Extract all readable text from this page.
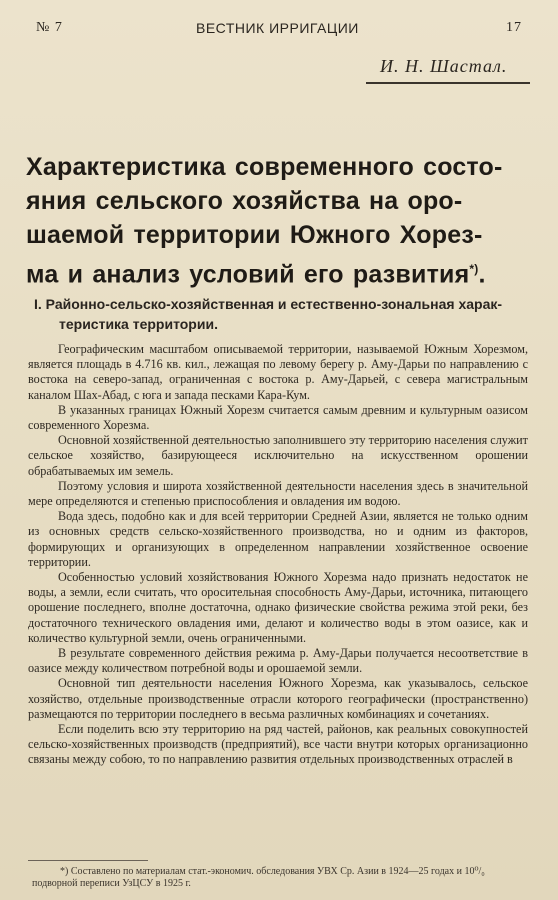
№ 7	ВЕСТНИК ИРРИГАЦИИ	17
И. Н. Шастал.
Характеристика современного состо-
яния сельского хозяйства на оро-
шаемой территории Южного Хорез-
ма и анализ условий его развития*).
I. Районно-сельско-хозяйственная и естественно-зональная харак-
теристика территории.

Географическим масштабом описываемой территории, называемой Южным Хорезмом, является площадь в 4.716 кв. кил., лежащая по левому берегу р. Аму-Дарьи по направлению с востока на северо-запад, ограниченная с востока р. Аму-Дарьей, с севера магистральным каналом Шах-Абад, с юга и запада песками Кара-Кум.

В указанных границах Южный Хорезм считается самым древним и культурным оазисом современного Хорезма.

Основной хозяйственной деятельностью заполнившего эту территорию населения служит сельское хозяйство, базирующееся исключительно на искусственном орошении обрабатываемых им земель.

Поэтому условия и широта хозяйственной деятельности населения здесь в значительной мере определяются и степенью приспособления и овладения им водою.

Вода здесь, подобно как и для всей территории Средней Азии, является не только одним из основных средств сельско-хозяйственного производства, но и одним из факторов, формирующих и организующих в определенном направлении хозяйственное освоение территории.

Особенностью условий хозяйствования Южного Хорезма надо признать недостаток не воды, а земли, если считать, что оросительная способность Аму-Дарьи, источника, питающего орошение последнего, вполне достаточна, однако физические свойства режима этой реки, без достаточного технического овладения ими, делают и количество воды в этом оазисе, как и количество культурной земли, очень ограниченными.

В результате современного действия режима р. Аму-Дарьи получается несоответствие в оазисе между количеством потребной воды и орошаемой земли.

Основной тип деятельности населения Южного Хорезма, как указывалось, сельское хозяйство, отдельные производственные отрасли которого географически (пространственно) размещаются по территории последнего в весьма различных комбинациях и сочетаниях.

Если поделить всю эту территорию на ряд частей, районов, как реальных совокупностей сельско-хозяйственных производств (предприятий), все части внутри которых организационно связаны между собою, то по направлению развития отдельных производственных отраслей в

*) Составлено по материалам стат.-экономич. обследования УВХ Ср. Азии в 1924—25 годах и 10⁰/₀ подворной переписи УзЦСУ в 1925 г.
